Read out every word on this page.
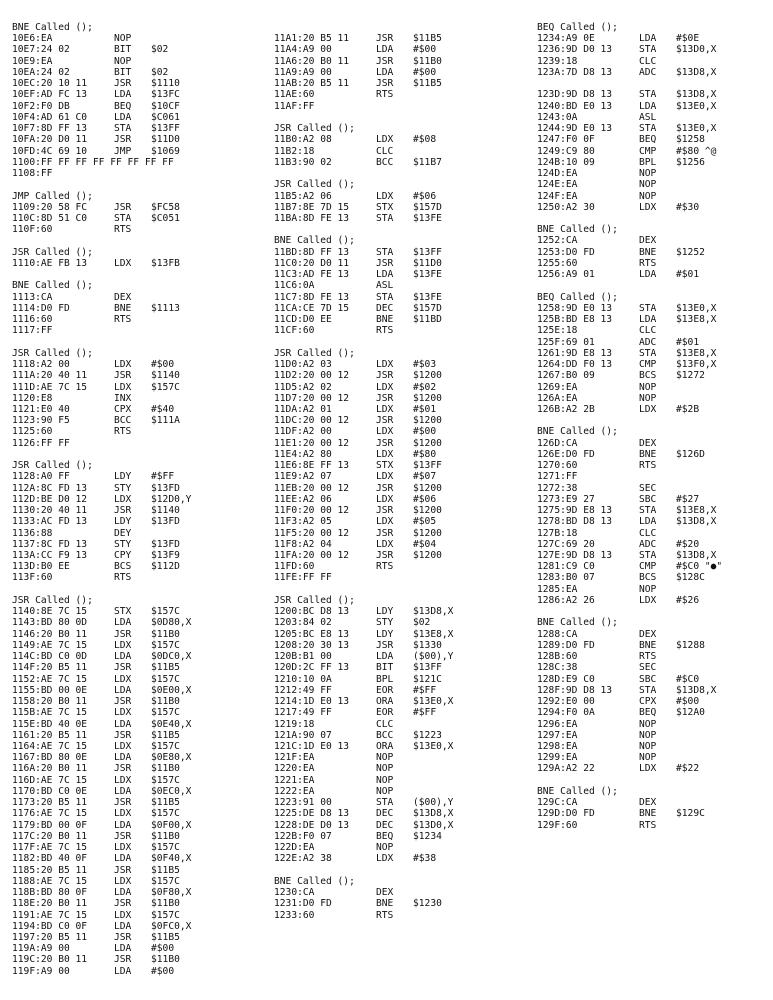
BNE Called ();
10E6:EA	NOP
10E7:24 02	BIT $02
10E9:EA	NOP
10EA:24 02	BIT $02
10EC:20 10 11	JSR $1110
10EF:AD FC 13	LDA $13FC
10F2:F0 DB	BEQ $10CF
10F4:AD 61 C0	LDA $C061
10F7:8D FF 13	STA $13FF
10FA:20 D0 11	JSR $11D0
10FD:4C 69 10	JMP $1069
1100:FF FF FF FF FF FF FF FF
1108:FF
JMP Called ();
1109:20 58 FC	JSR $FC58
110C:8D 51 C0	STA $C051
110F:60	RTS
JSR Called ();
1110:AE FB 13	LDX $13FB
BNE Called ();
1113:CA	DEX
1114:D0 FD	BNE $1113
1116:60	RTS
1117:FF
JSR Called ();
1118:A2 00	LDX #$00
111A:20 40 11	JSR $1140
111D:AE 7C 15	LDX $157C
1120:E8	INX
1121:E0 40	CPX #$40
1123:90 F5	BCC $111A
1125:60	RTS
1126:FF FF
JSR Called ();
1128:A0 FF	LDY #$FF
112A:8C FD 13	STY $13FD
112D:BE D0 12	LDX $12D0,Y
1130:20 40 11	JSR $1140
1133:AC FD 13	LDY $13FD
1136:88	DEY
1137:8C FD 13	STY $13FD
113A:CC F9 13	CPY $13F9
113D:B0 EE	BCS $112D
113F:60	RTS
JSR Called ();
1140:8E 7C 15	STX $157C
1143:BD 80 0D	LDA $0D80,X
1146:20 B0 11	JSR $11B0
1149:AE 7C 15	LDX $157C
114C:BD C0 0D	LDA $0DC0,X
114F:20 B5 11	JSR $11B5
1152:AE 7C 15	LDX $157C
1155:BD 00 0E	LDA $0E00,X
1158:20 B0 11	JSR $11B0
115B:AE 7C 15	LDX $157C
115E:BD 40 0E	LDA $0E40,X
1161:20 B5 11	JSR $11B5
1164:AE 7C 15	LDX $157C
1167:BD 80 0E	LDA $0E80,X
116A:20 B0 11	JSR $11B0
116D:AE 7C 15	LDX $157C
1170:BD C0 0E	LDA $0EC0,X
1173:20 B5 11	JSR $11B5
1176:AE 7C 15	LDX $157C
1179:BD 00 0F	LDA $0F00,X
117C:20 B0 11	JSR $11B0
117F:AE 7C 15	LDX $157C
1182:BD 40 0F	LDA $0F40,X
1185:20 B5 11	JSR $11B5
1188:AE 7C 15	LDX $157C
118B:BD 80 0F	LDA $0F80,X
118E:20 B0 11	JSR $11B0
1191:AE 7C 15	LDX $157C
1194:BD C0 0F	LDA $0FC0,X
1197:20 B5 11	JSR $11B5
119A:A9 00	LDA #$00
119C:20 B0 11	JSR $11B0
119F:A9 00	LDA #$00
11A1:20 B5 11	JSR $11B5
11A4:A9 00	LDA #$00
11A6:20 B0 11	JSR $11B0
11A9:A9 00	LDA #$00
11AB:20 B5 11	JSR $11B5
11AE:60	RTS
11AF:FF
JSR Called ();
11B0:A2 08	LDX #$08
11B2:18	CLC
11B3:90 02	BCC $11B7
JSR Called ();
11B5:A2 06	LDX #$06
11B7:8E 7D 15	STX $157D
11BA:8D FE 13	STA $13FE
BNE Called ();
11BD:8D FF 13	STA $13FF
11C0:20 D0 11	JSR $11D0
11C3:AD FE 13	LDA $13FE
11C6:0A	ASL
11C7:8D FE 13	STA $13FE
11CA:CE 7D 15	DEC $157D
11CD:D0 EE	BNE $11BD
11CF:60	RTS
JSR Called ();
11D0:A2 03	LDX #$03
11D2:20 00 12	JSR $1200
11D5:A2 02	LDX #$02
11D7:20 00 12	JSR $1200
11DA:A2 01	LDX #$01
11DC:20 00 12	JSR $1200
11DF:A2 00	LDX #$00
11E1:20 00 12	JSR $1200
11E4:A2 80	LDX #$80
11E6:8E FF 13	STX $13FF
11E9:A2 07	LDX #$07
11EB:20 00 12	JSR $1200
11EE:A2 06	LDX #$06
11F0:20 00 12	JSR $1200
11F3:A2 05	LDX #$05
11F5:20 00 12	JSR $1200
11F8:A2 04	LDX #$04
11FA:20 00 12	JSR $1200
11FD:60	RTS
11FE:FF FF
JSR Called ();
1200:BC D8 13	LDY $13D8,X
1203:84 02	STY $02
1205:BC E8 13	LDY $13E8,X
1208:20 30 13	JSR $1330
120B:B1 00	LDA ($00),Y
120D:2C FF 13	BIT $13FF
1210:10 0A	BPL $121C
1212:49 FF	EOR #$FF
1214:1D E0 13	ORA $13E0,X
1217:49 FF	EOR #$FF
1219:18	CLC
121A:90 07	BCC $1223
121C:1D E0 13	ORA $13E0,X
121F:EA	NOP
1220:EA	NOP
1221:EA	NOP
1222:EA	NOP
1223:91 00	STA ($00),Y
1225:DE D8 13	DEC $13D8,X
1228:DE D0 13	DEC $13D0,X
122B:F0 07	BEQ $1234
122D:EA	NOP
122E:A2 38	LDX #$38
BNE Called ();
1230:CA	DEX
1231:D0 FD	BNE $1230
1233:60	RTS
BEQ Called ();
1234:A9 0E	LDA #$0E
1236:9D D0 13	STA $13D0,X
1239:18	CLC
123A:7D D8 13	ADC $13D8,X
123D:9D D8 13	STA $13D8,X
1240:BD E0 13	LDA $13E0,X
1243:0A	ASL
1244:9D E0 13	STA $13E0,X
1247:F0 0F	BEQ $1258
1249:C9 80	CMP #$80 ^@
124B:10 09	BPL $1256
124D:EA	NOP
124E:EA	NOP
124F:EA	NOP
1250:A2 30	LDX #$30
BNE Called ();
1252:CA	DEX
1253:D0 FD	BNE $1252
1255:60	RTS
1256:A9 01	LDA #$01
BEQ Called ();
1258:9D E0 13	STA $13E0,X
125B:BD E8 13	LDA $13E8,X
125E:18	CLC
125F:69 01	ADC #$01
1261:9D E8 13	STA $13E8,X
1264:DD F0 13	CMP $13F0,X
1267:B0 09	BCS $1272
1269:EA	NOP
126A:EA	NOP
126B:A2 2B	LDX #$2B
BNE Called ();
126D:CA	DEX
126E:D0 FD	BNE $126D
1270:60	RTS
1271:FF
1272:38	SEC
1273:E9 27	SBC #$27
1275:9D E8 13	STA $13E8,X
1278:BD D8 13	LDA $13D8,X
127B:18	CLC
127C:69 20	ADC #$20
127E:9D D8 13	STA $13D8,X
1281:C9 C0	CMP #$C0 "●"
1283:B0 07	BCS $128C
1285:EA	NOP
1286:A2 26	LDX #$26
BNE Called ();
1288:CA	DEX
1289:D0 FD	BNE $1288
128B:60	RTS
128C:38	SEC
128D:E9 C0	SBC #$C0
128F:9D D8 13	STA $13D8,X
1292:E0 00	CPX #$00
1294:F0 0A	BEQ $12A0
1296:EA	NOP
1297:EA	NOP
1298:EA	NOP
1299:EA	NOP
129A:A2 22	LDX #$22
BNE Called ();
129C:CA	DEX
129D:D0 FD	BNE $129C
129F:60	RTS
